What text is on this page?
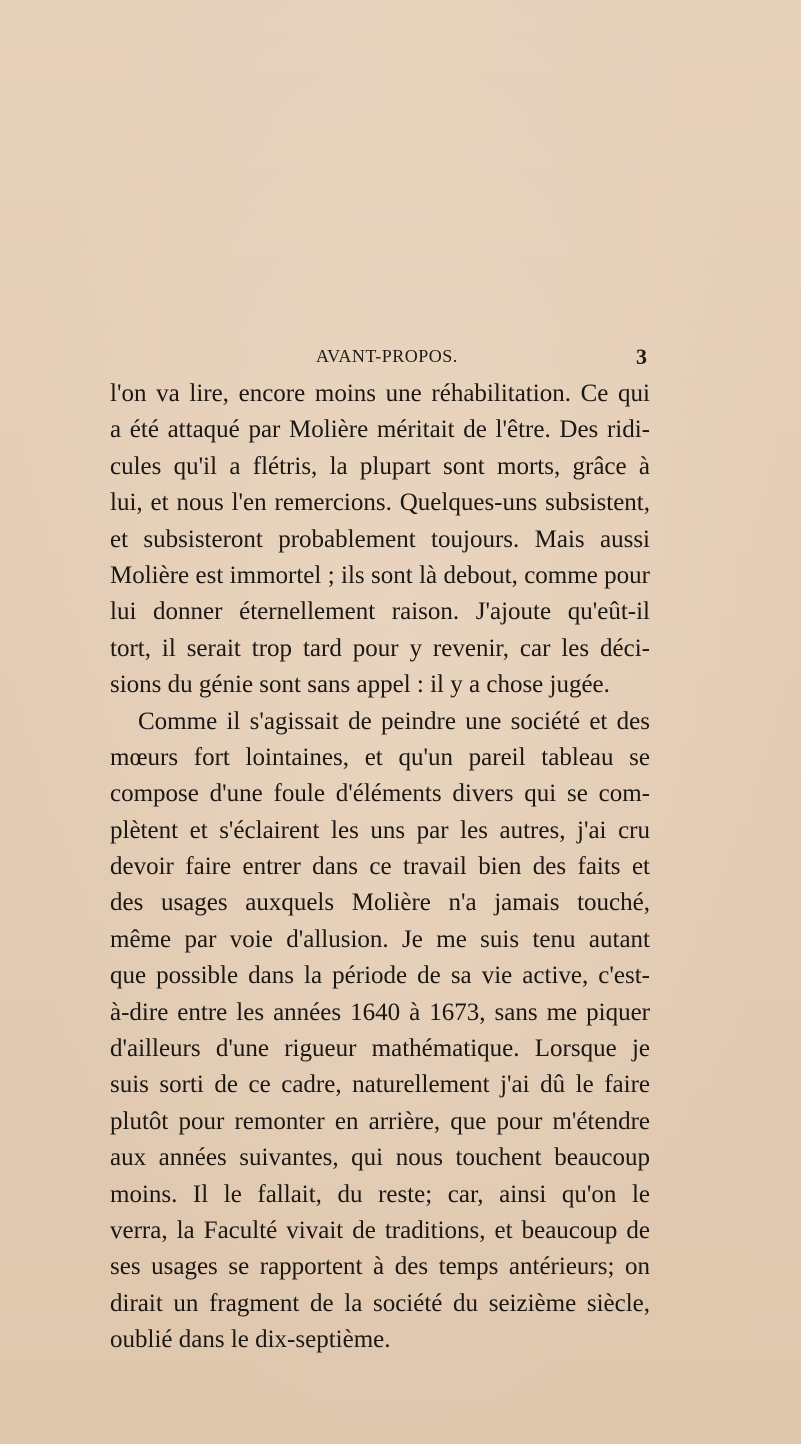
AVANT-PROPOS.	3
l'on va lire, encore moins une réhabilitation. Ce qui
a été attaqué par Molière méritait de l'être. Des ridi-
cules qu'il a flétris, la plupart sont morts, grâce à
lui, et nous l'en remercions. Quelques-uns subsistent,
et subsisteront probablement toujours. Mais aussi
Molière est immortel ; ils sont là debout, comme pour
lui donner éternellement raison. J'ajoute qu'eût-il
tort, il serait trop tard pour y revenir, car les déci-
sions du génie sont sans appel : il y a chose jugée.
Comme il s'agissait de peindre une société et des
mœurs fort lointaines, et qu'un pareil tableau se
compose d'une foule d'éléments divers qui se com-
plètent et s'éclairent les uns par les autres, j'ai cru
devoir faire entrer dans ce travail bien des faits et
des usages auxquels Molière n'a jamais touché,
même par voie d'allusion. Je me suis tenu autant
que possible dans la période de sa vie active, c'est-
à-dire entre les années 1640 à 1673, sans me piquer
d'ailleurs d'une rigueur mathématique. Lorsque je
suis sorti de ce cadre, naturellement j'ai dû le faire
plutôt pour remonter en arrière, que pour m'étendre
aux années suivantes, qui nous touchent beaucoup
moins. Il le fallait, du reste; car, ainsi qu'on le
verra, la Faculté vivait de traditions, et beaucoup de
ses usages se rapportent à des temps antérieurs; on
dirait un fragment de la société du seizième siècle,
oublié dans le dix-septième.
